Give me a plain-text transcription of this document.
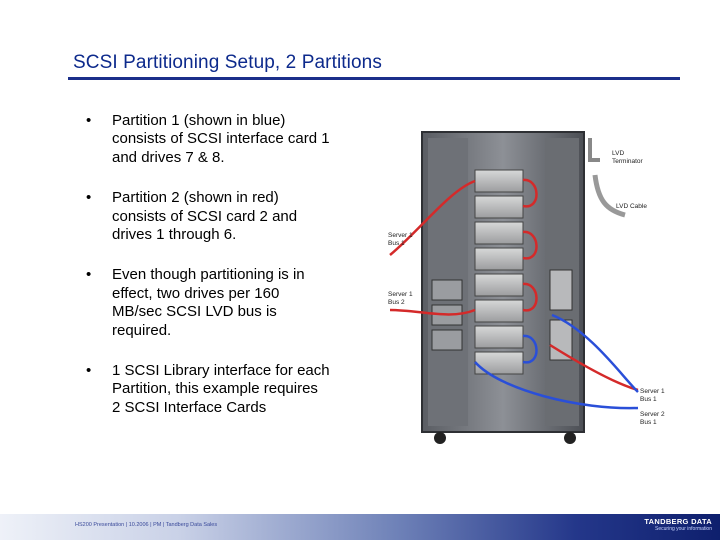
SCSI Partitioning Setup, 2 Partitions
• Partition 1 (shown in blue)
consists of SCSI interface card 1
and drives 7 & 8.
• Partition 2 (shown in red)
consists of SCSI card 2 and
drives 1 through 6.
• Even though partitioning is in
effect, two drives per 160
MB/sec SCSI LVD bus is
required.
• 1 SCSI Library interface for each
Partition, this example requires
2 SCSI Interface Cards
LVD
Terminator
LVD Cable
Server 1
Bus 1
Server 1
Bus 2
Server 1
Bus 1
Server 2
Bus 1
HS200 Presentation | 10.2006 | PM | Tandberg Data Sales	TANDBERG DATA
Securing your information
